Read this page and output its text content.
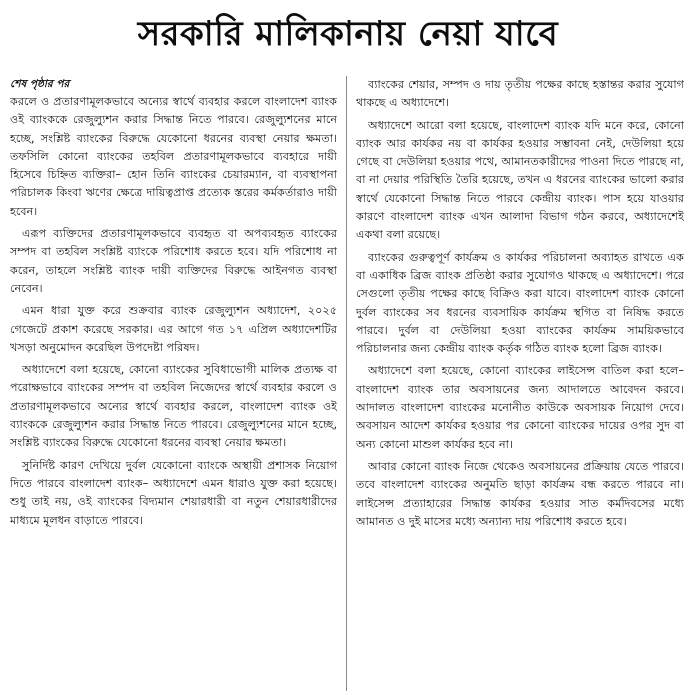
সরকারি মালিকানায় নেয়া যাবে
শেষ পৃষ্ঠার পর

করলে ও প্রতারণামূলকভাবে অন্যের স্বার্থে ব্যবহার করলে বাংলাদেশ ব্যাংক ওই ব্যাংককে রেজুল্যুশন করার সিদ্ধান্ত নিতে পারবে। রেজুল্যুশনের মানে হচ্ছে, সংশ্লিষ্ট ব্যাংকের বিরুদ্ধে যেকোনো ধরনের ব্যবস্থা নেয়ার ক্ষমতা। তফসিলি কোনো ব্যাংকের তহবিল প্রতারণামূলকভাবে ব্যবহারে দায়ী হিসেবে চিহ্নিত ব্যক্তিরা– হোন তিনি ব্যাংকের চেয়ারম্যান, বা ব্যবস্থাপনা পরিচালক কিংবা ঋণের ক্ষেত্রে দায়িত্বপ্রাপ্ত প্রত্যেক স্তরের কর্মকর্তারাও দায়ী হবেন।

এরূপ ব্যক্তিদের প্রতারণামূলকভাবে ব্যবহৃত বা অপব্যবহৃত ব্যাংকের সম্পদ বা তহবিল সংশ্লিষ্ট ব্যাংকে পরিশোধ করতে হবে। যদি পরিশোধ না করেন, তাহলে সংশ্লিষ্ট ব্যাংক দায়ী ব্যক্তিদের বিরুদ্ধে আইনগত ব্যবস্থা নেবেন।

এমন ধারা যুক্ত করে শুক্রবার ব্যাংক রেজুল্যুশন অধ্যাদেশ, ২০২৫ গেজেটে প্রকাশ করেছে সরকার। এর আগে গত ১৭ এপ্রিল অধ্যাদেশটির খসড়া অনুমোদন করেছিল উপদেষ্টা পরিষদ।

অধ্যাদেশে বলা হয়েছে, কোনো ব্যাংকের সুবিধাভোগী মালিক প্রত্যক্ষ বা পরোক্ষভাবে ব্যাংকের সম্পদ বা তহবিল নিজেদের স্বার্থে ব্যবহার করলে ও প্রতারণামূলকভাবে অন্যের স্বার্থে ব্যবহার করলে, বাংলাদেশ ব্যাংক ওই ব্যাংককে রেজুল্যুশন করার সিদ্ধান্ত নিতে পারবে। রেজুল্যুশনের মানে হচ্ছে, সংশ্লিষ্ট ব্যাংকের বিরুদ্ধে যেকোনো ধরনের ব্যবস্থা নেয়ার ক্ষমতা।

সুনির্দিষ্ট কারণ দেখিয়ে দুর্বল যেকোনো ব্যাংকে অস্থায়ী প্রশাসক নিয়োগ দিতে পারবে বাংলাদেশ ব্যাংক– অধ্যাদেশে এমন ধারাও যুক্ত করা হয়েছে। শুধু তাই নয়, ওই ব্যাংকের বিদ্যমান শেয়ারধারী বা নতুন শেয়ারধারীদের মাধ্যমে মূলধন বাড়াতে পারবে।

ব্যাংকের শেয়ার, সম্পদ ও দায় তৃতীয় পক্ষের কাছে হস্তান্তর করার সুযোগ থাকছে এ অধ্যাদেশে।

অধ্যাদেশে আরো বলা হয়েছে, বাংলাদেশ ব্যাংক যদি মনে করে, কোনো ব্যাংক আর কার্যকর নয় বা কার্যকর হওয়ার সম্ভাবনা নেই, দেউলিয়া হয়ে গেছে বা দেউলিয়া হওয়ার পথে, আমানতকারীদের পাওনা দিতে পারছে না, বা না দেয়ার পরিস্থিতি তৈরি হয়েছে, তখন এ ধরনের ব্যাংকের ভালো করার স্বার্থে যেকোনো সিদ্ধান্ত নিতে পারবে কেন্দ্রীয় ব্যাংক। পাস হয়ে যাওয়ার কারণে বাংলাদেশ ব্যাংক এখন আলাদা বিভাগ গঠন করবে, অধ্যাদেশেই একথা বলা রয়েছে।

ব্যাংকের গুরুত্বপূর্ণ কার্যক্রম ও কার্যকর পরিচালনা অব্যাহত রাখতে এক বা একাধিক ব্রিজ ব্যাংক প্রতিষ্ঠা করার সুযোগও থাকছে এ অধ্যাদেশে। পরে সেগুলো তৃতীয় পক্ষের কাছে বিক্রিও করা যাবে। বাংলাদেশ ব্যাংক কোনো দুর্বল ব্যাংকের সব ধরনের ব্যবসায়িক কার্যক্রম স্থগিত বা নিষিদ্ধ করতে পারবে। দুর্বল বা দেউলিয়া হওয়া ব্যাংকের কার্যক্রম সাময়িকভাবে পরিচালনার জন্য কেন্দ্রীয় ব্যাংক কর্তৃক গঠিত ব্যাংক হলো ব্রিজ ব্যাংক।

অধ্যাদেশে বলা হয়েছে, কোনো ব্যাংকের লাইসেন্স বাতিল করা হলে– বাংলাদেশ ব্যাংক তার অবসায়নের জন্য আদালতে আবেদন করবে। আদালত বাংলাদেশ ব্যাংকের মনোনীত কাউকে অবসায়ক নিয়োগ দেবে। অবসায়ন আদেশ কার্যকর হওয়ার পর কোনো ব্যাংকের দায়ের ওপর সুদ বা অন্য কোনো মাশুল কার্যকর হবে না।

আবার কোনো ব্যাংক নিজে থেকেও অবসায়নের প্রক্রিয়ায় যেতে পারবে। তবে বাংলাদেশ ব্যাংকের অনুমতি ছাড়া কার্যক্রম বন্ধ করতে পারবে না। লাইসেন্স প্রত্যাহারের সিদ্ধান্ত কার্যকর হওয়ার সাত কর্মদিবসের মধ্যে আমানত ও দুই মাসের মধ্যে অন্যান্য দায় পরিশোধ করতে হবে।
